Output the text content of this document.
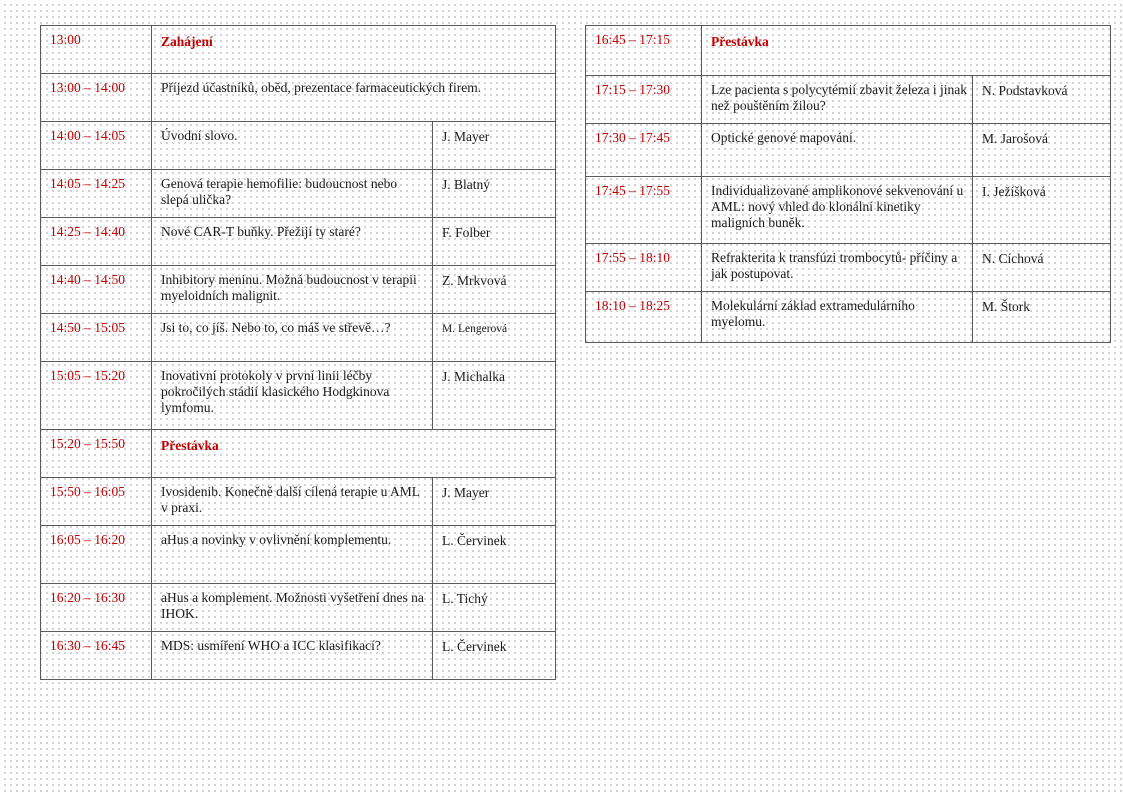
13:00	Zahájení	
13:00 – 14:00	Příjezd účastníků, oběd, prezentace farmaceutických firem.	
14:00 – 14:05	Úvodní slovo.	J. Mayer
14:05 – 14:25	Genová terapie hemofilie: budoucnost nebo slepá ulička?	J. Blatný
14:25 – 14:40	Nové CAR-T buňky. Přežijí ty staré?	F. Folber
14:40 – 14:50	Inhibitory meninu. Možná budoucnost v terapii myeloidních malignit.	Z. Mrkvová
14:50 – 15:05	Jsi to, co jíš. Nebo to, co máš ve střevě…?	M. Lengerová
15:05 – 15:20	Inovativní protokoly v první linii léčby pokročilých stádií klasického Hodgkinova lymfomu.	J. Michalka
15:20 – 15:50	Přestávka	
15:50 – 16:05	Ivosidenib. Konečně další cílená terapie u AML v praxi.	J. Mayer
16:05 – 16:20	aHus a novinky v ovlivnění komplementu.	L. Červinek
16:20 – 16:30	aHus a komplement. Možnosti vyšetření dnes na IHOK.	L. Tichý
16:30 – 16:45	MDS: usmíření WHO a ICC klasifikací?	L. Červinek
16:45 – 17:15	Přestávka	
17:15 – 17:30	Lze pacienta s polycytémií zbavit železa i jinak než pouštěním žilou?	N. Podstavková
17:30 – 17:45	Optické genové mapování.	M. Jarošová
17:45 – 17:55	Individualizované amplikonové sekvenování u AML: nový vhled do klonální kinetiky maligních buněk.	I. Ježíšková
17:55 – 18:10	Refrakterita k transfúzi trombocytů- příčiny a jak postupovat.	N. Cíchová
18:10 – 18:25	Molekulární základ extramedulárního myelomu.	M. Štork
